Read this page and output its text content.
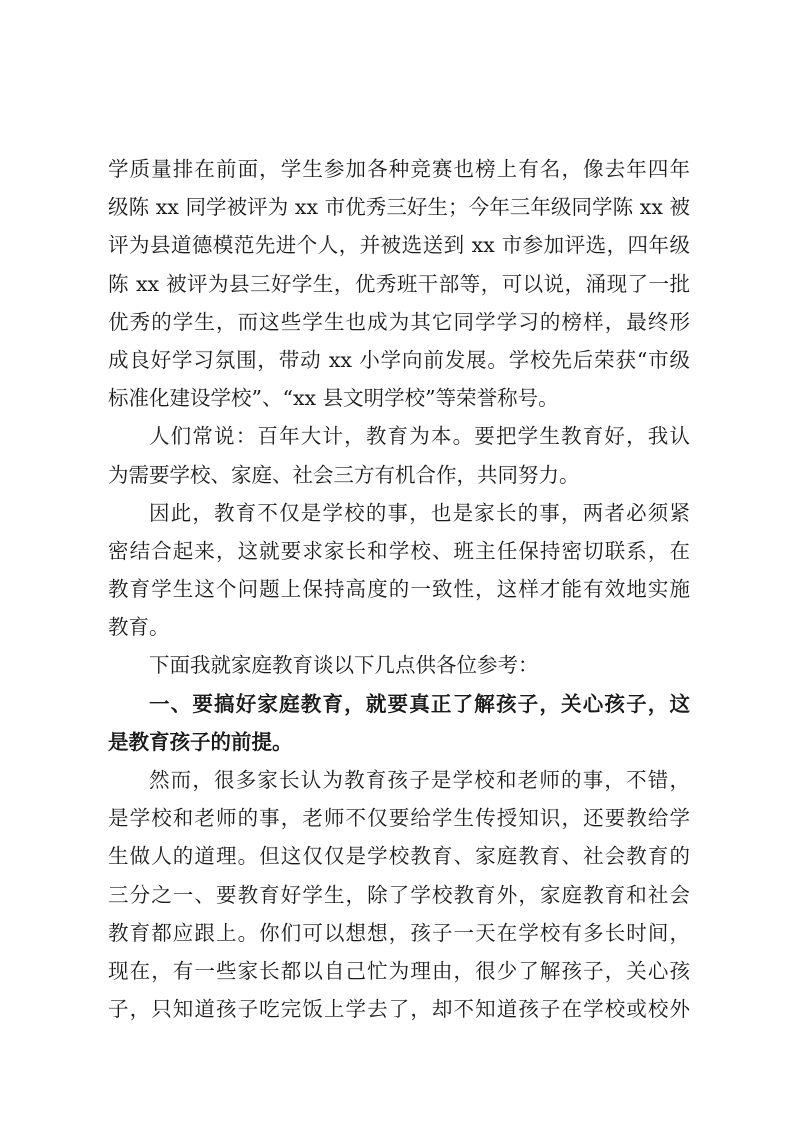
学质量排在前面，学生参加各种竞赛也榜上有名，像去年四年
级陈 xx 同学被评为 xx 市优秀三好生；今年三年级同学陈 xx 被
评为县道德模范先进个人，并被选送到 xx 市参加评选，四年级
陈 xx 被评为县三好学生，优秀班干部等，可以说，涌现了一批
优秀的学生，而这些学生也成为其它同学学习的榜样，最终形
成良好学习氛围，带动 xx 小学向前发展。学校先后荣获“市级
标准化建设学校”、“xx 县文明学校”等荣誉称号。
人们常说：百年大计，教育为本。要把学生教育好，我认
为需要学校、家庭、社会三方有机合作，共同努力。
因此，教育不仅是学校的事，也是家长的事，两者必须紧
密结合起来，这就要求家长和学校、班主任保持密切联系，在
教育学生这个问题上保持高度的一致性，这样才能有效地实施
教育。
下面我就家庭教育谈以下几点供各位参考：
一、要搞好家庭教育，就要真正了解孩子，关心孩子，这
是教育孩子的前提。
然而，很多家长认为教育孩子是学校和老师的事，不错，
是学校和老师的事，老师不仅要给学生传授知识，还要教给学
生做人的道理。但这仅仅是学校教育、家庭教育、社会教育的
三分之一、要教育好学生，除了学校教育外，家庭教育和社会
教育都应跟上。你们可以想想，孩子一天在学校有多长时间，
现在，有一些家长都以自己忙为理由，很少了解孩子，关心孩
子，只知道孩子吃完饭上学去了，却不知道孩子在学校或校外
